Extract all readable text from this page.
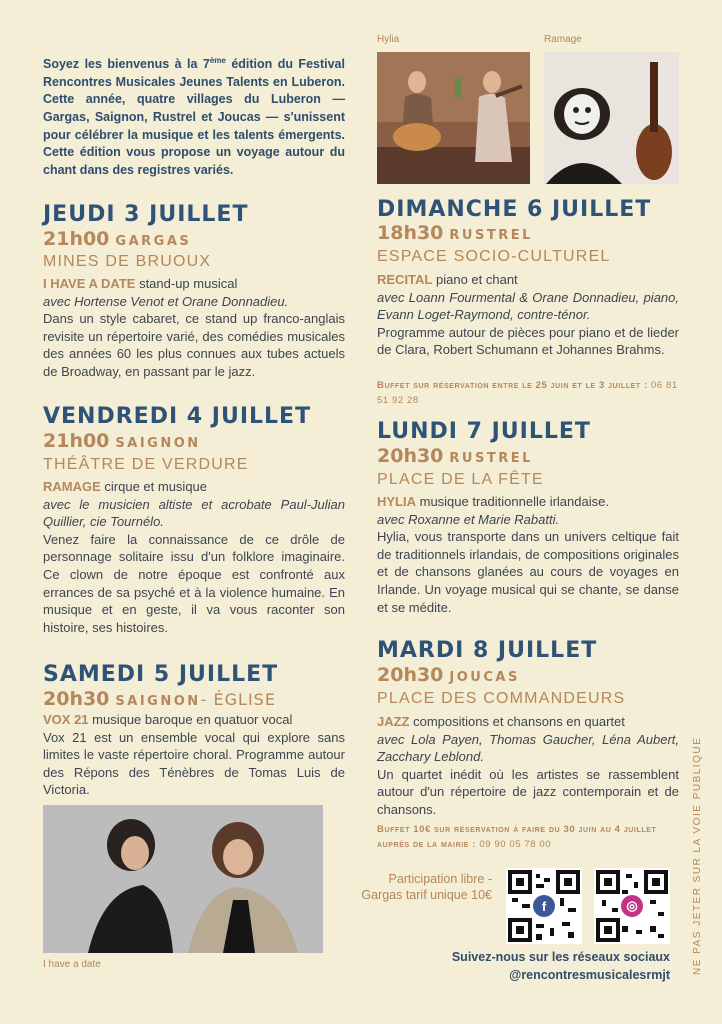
Soyez les bienvenus à la 7ème édition du Festival Rencontres Musicales Jeunes Talents en Luberon. Cette année, quatre villages du Luberon — Gargas, Saignon, Rustrel et Joucas — s'unissent pour célébrer la musique et les talents émergents. Cette édition vous propose un voyage autour du chant dans des registres variés.
Hylia	Ramage
JEUDI 3 JUILLET
21h00 GARGAS
MINES DE BRUOUX
I HAVE A DATE stand-up musical
avec Hortense Venot et Orane Donnadieu.
Dans un style cabaret, ce stand up franco-anglais revisite un répertoire varié, des comédies musicales des années 60 les plus connues aux tubes actuels de Broadway, en passant par le jazz.
VENDREDI 4 JUILLET
21h00 SAIGNON
THÉÂTRE DE VERDURE
RAMAGE cirque et musique
avec le musicien altiste et acrobate Paul-Julian Quillier, cie Tournélo.
Venez faire la connaissance de ce drôle de personnage solitaire issu d'un folklore imaginaire. Ce clown de notre époque est confronté aux errances de sa psyché et à la violence humaine. En musique et en geste, il va vous raconter son histoire, ses histoires.
SAMEDI 5 JUILLET
20h30 SAIGNON- ÉGLISE
VOX 21 musique baroque en quatuor vocal
Vox 21 est un ensemble vocal qui explore sans limites le vaste répertoire choral. Programme autour des Répons des Ténèbres de Tomas Luis de Victoria.
I have a date
DIMANCHE 6 JUILLET
18h30 RUSTREL
ESPACE SOCIO-CULTUREL
RECITAL piano et chant
avec Loann Fourmental & Orane Donnadieu, piano, Evann Loget-Raymond, contre-ténor.
Programme autour de pièces pour piano et de lieder de Clara, Robert Schumann et Johannes Brahms.
Buffet sur réservation entre le 25 juin et le 3 juillet : 06 81 51 92 28
LUNDI 7 JUILLET
20h30 RUSTREL
PLACE DE LA FÊTE
HYLIA musique traditionnelle irlandaise.
avec Roxanne et Marie Rabatti.
Hylia, vous transporte dans un univers celtique fait de traditionnels irlandais, de compositions originales et de chansons glanées au cours de voyages en Irlande. Un voyage musical qui se chante, se danse et se médite.
MARDI 8 JUILLET
20h30 JOUCAS
PLACE DES COMMANDEURS
JAZZ compositions et chansons en quartet
avec Lola Payen, Thomas Gaucher, Léna Aubert, Zacchary Leblond.
Un quartet inédit où les artistes se rassemblent autour d'un répertoire de jazz contemporain et de chansons.
Buffet 10€ sur réservation à faire du 30 juin au 4 juillet auprès de la mairie : 09 90 05 78 00
Participation libre -
Gargas tarif unique 10€
f	◎
Suivez-nous sur les réseaux sociaux
@rencontresmusicalesrmjt NE PAS JETER SUR LA VOIE PUBLIQUE
